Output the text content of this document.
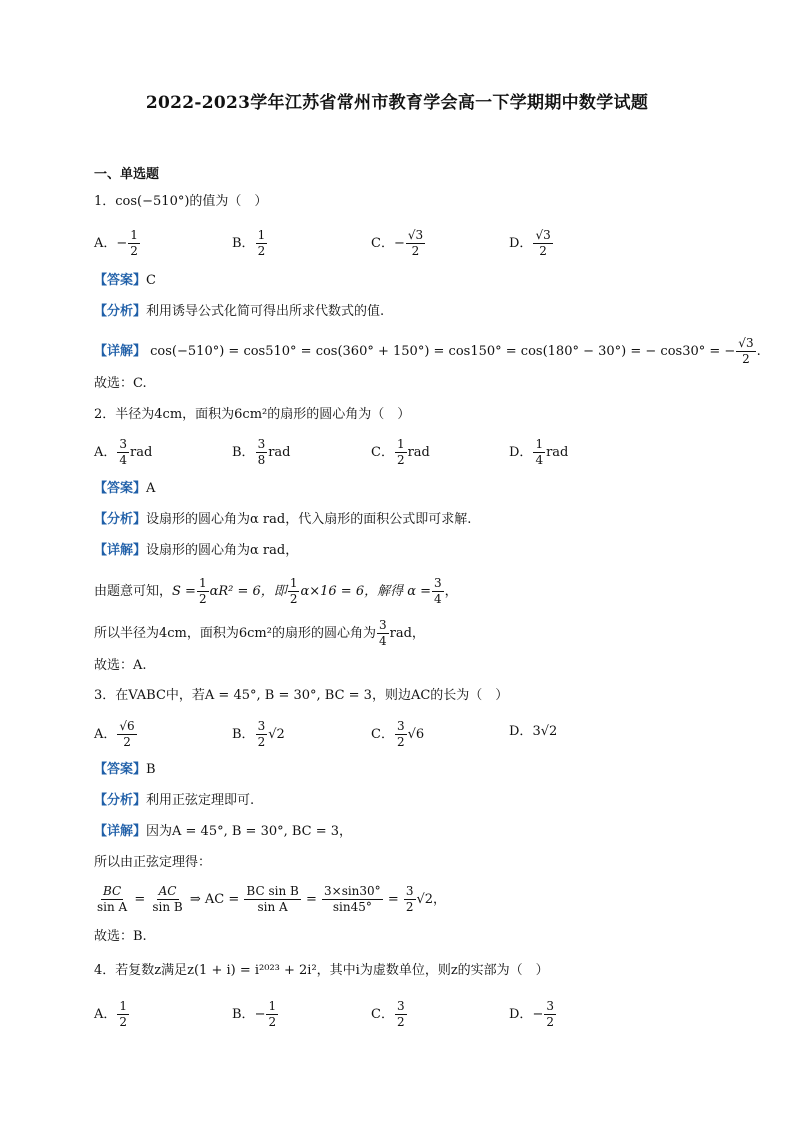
2022-2023学年江苏省常州市教育学会高一下学期期中数学试题
一、单选题
1．cos(−510°)的值为（　）
A．− $\frac{1}{2}$	B． $\frac{1}{2}$	C．− $\frac{√3}{2}$	D． $\frac{√3}{2}$
【答案】C
【分析】利用诱导公式化简可得出所求代数式的值.
【详解】 cos(−510°) = cos510° = cos(360° + 150°) = cos150° = cos(180° − 30°) = − cos30° = − $\frac{√3}{2}$ .
故选：C.
2．半径为4cm，面积为6cm²的扇形的圆心角为（　）
A． $\frac{3}{4}$ rad	B． $\frac{3}{8}$ rad	C． $\frac{1}{2}$ rad	D． $\frac{1}{4}$ rad
【答案】A
【分析】设扇形的圆心角为α rad，代入扇形的面积公式即可求解.
【详解】设扇形的圆心角为α rad，
由题意可知，$S = \frac{1}{2} \alpha R^2 = 6$，即 $\frac{1}{2} \alpha\times 16 = 6$，解得 $\alpha = \frac{3}{4}$ ，
所以半径为4cm，面积为6cm²的扇形的圆心角为 $\frac{3}{4}$ rad，
故选：A.
3．在VABC中，若A = 45°, B = 30°, BC = 3，则边AC的长为（　）
A． $\frac{√6}{2}$	B． $\frac{3}{2} √2$	C． $\frac{3}{2} √6$	D．3√2
【答案】B
【分析】利用正弦定理即可.
【详解】因为A = 45°, B = 30°, BC = 3，
所以由正弦定理得：
$\frac{BC}{\text{sin A}} = \frac{AC}{\text{sin B}}$ ⇒ AC = $\frac{\text{BC sin B}}{\text{sin A}} = \frac{3\times\sin 30^\circ}{\sin 45^\circ} = \frac{3}{2} √2$，
故选：B.
4．若复数z满足z(1 + i) = i²⁰²³ + 2i²，其中i为虚数单位，则z的实部为（　）
A． $\frac{1}{2}$	B．− $\frac{1}{2}$	C． $\frac{3}{2}$	D．− $\frac{3}{2}$
